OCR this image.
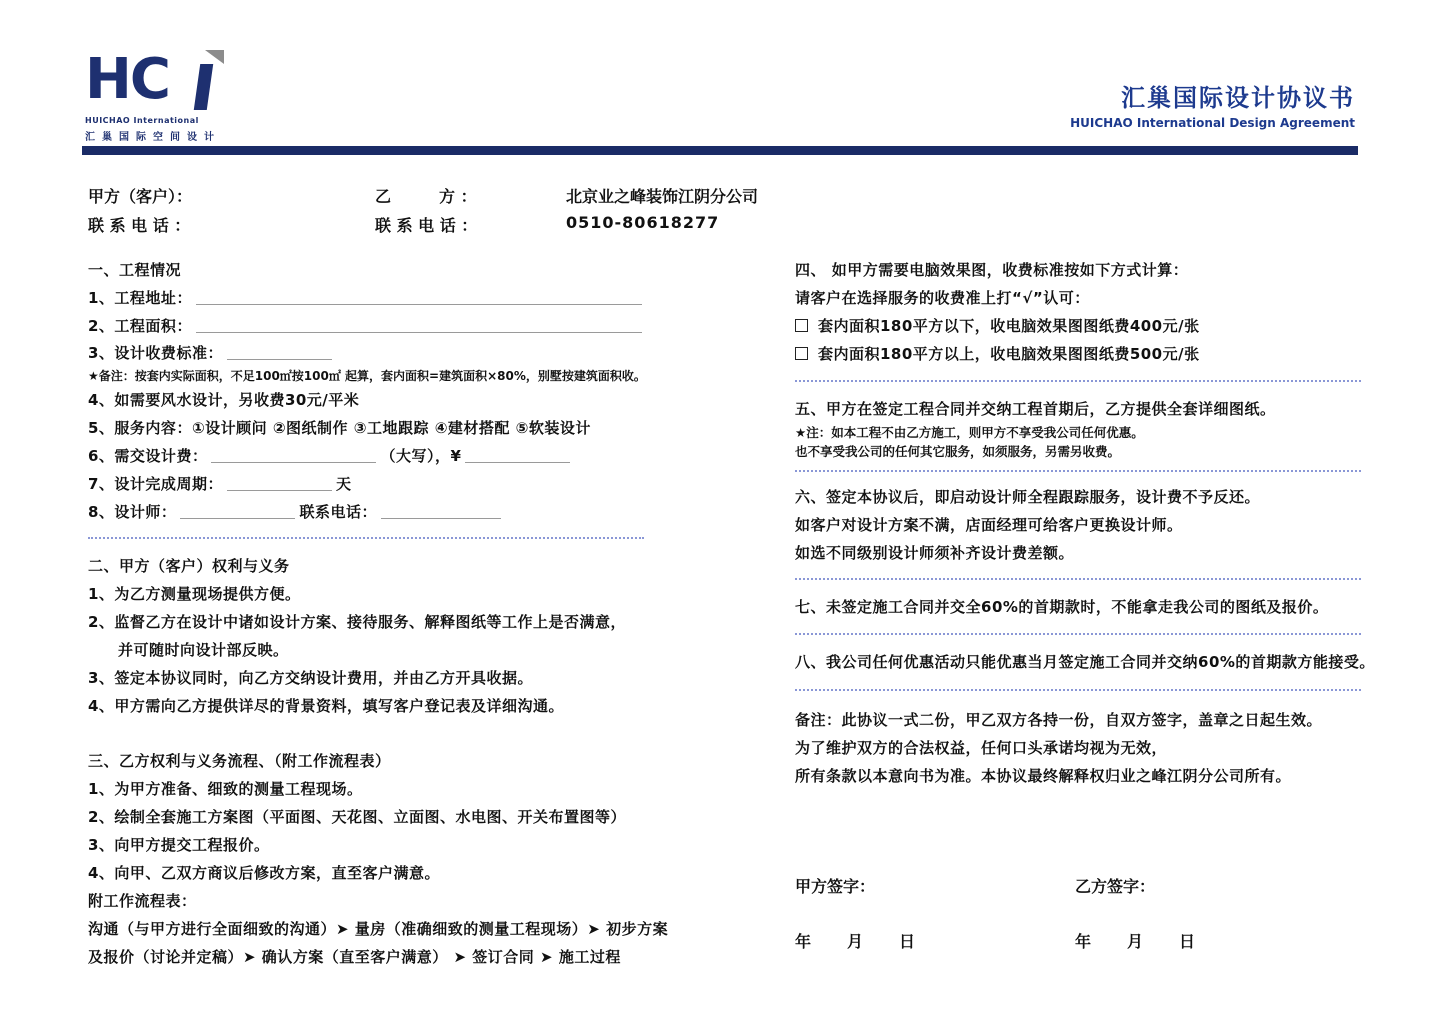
HC
HUICHAO International
汇巢国际空间设计
汇巢国际设计协议书
HUICHAO International Design Agreement
甲方（客户）：	乙　　　方 ：	北京业之峰装饰江阴分公司
联 系 电 话 ：	联 系 电 话 ：	0510-80618277
一、工程情况
1、工程地址：
2、工程面积：
3、设计收费标准：
★备注：按套内实际面积，不足100㎡按100㎡ 起算，套内面积=建筑面积×80%，别墅按建筑面积收。
4、如需要风水设计，另收费30元/平米
5、服务内容：①设计顾问 ②图纸制作 ③工地跟踪 ④建材搭配 ⑤软装设计
6、需交设计费：	（大写），¥
7、设计完成周期：	天
8、设计师：	联系电话：
二、甲方（客户）权利与义务
1、为乙方测量现场提供方便。
2、监督乙方在设计中诸如设计方案、接待服务、解释图纸等工作上是否满意，
并可随时向设计部反映。
3、签定本协议同时，向乙方交纳设计费用，并由乙方开具收据。
4、甲方需向乙方提供详尽的背景资料，填写客户登记表及详细沟通。
三、乙方权利与义务流程、（附工作流程表）
1、为甲方准备、细致的测量工程现场。
2、绘制全套施工方案图（平面图、天花图、立面图、水电图、开关布置图等）
3、向甲方提交工程报价。
4、向甲、乙双方商议后修改方案，直至客户满意。
附工作流程表：
沟通（与甲方进行全面细致的沟通）➤ 量房（准确细致的测量工程现场）➤ 初步方案
及报价（讨论并定稿）➤ 确认方案（直至客户满意） ➤ 签订合同 ➤ 施工过程
四、 如甲方需要电脑效果图，收费标准按如下方式计算：
请客户在选择服务的收费准上打“√”认可：
套内面积180平方以下，收电脑效果图图纸费400元/张
套内面积180平方以上，收电脑效果图图纸费500元/张
五、甲方在签定工程合同并交纳工程首期后，乙方提供全套详细图纸。
★注：如本工程不由乙方施工，则甲方不享受我公司任何优惠。
也不享受我公司的任何其它服务，如须服务，另需另收费。
六、签定本协议后，即启动设计师全程跟踪服务，设计费不予反还。
如客户对设计方案不满，店面经理可给客户更换设计师。
如选不同级别设计师须补齐设计费差额。
七、未签定施工合同并交全60%的首期款时，不能拿走我公司的图纸及报价。
八、我公司任何优惠活动只能优惠当月签定施工合同并交纳60%的首期款方能接受。
备注：此协议一式二份，甲乙双方各持一份，自双方签字，盖章之日起生效。
为了维护双方的合法权益，任何口头承诺均视为无效，
所有条款以本意向书为准。本协议最终解释权归业之峰江阴分公司所有。
甲方签字：	乙方签字：
年	月	日	年	月	日
